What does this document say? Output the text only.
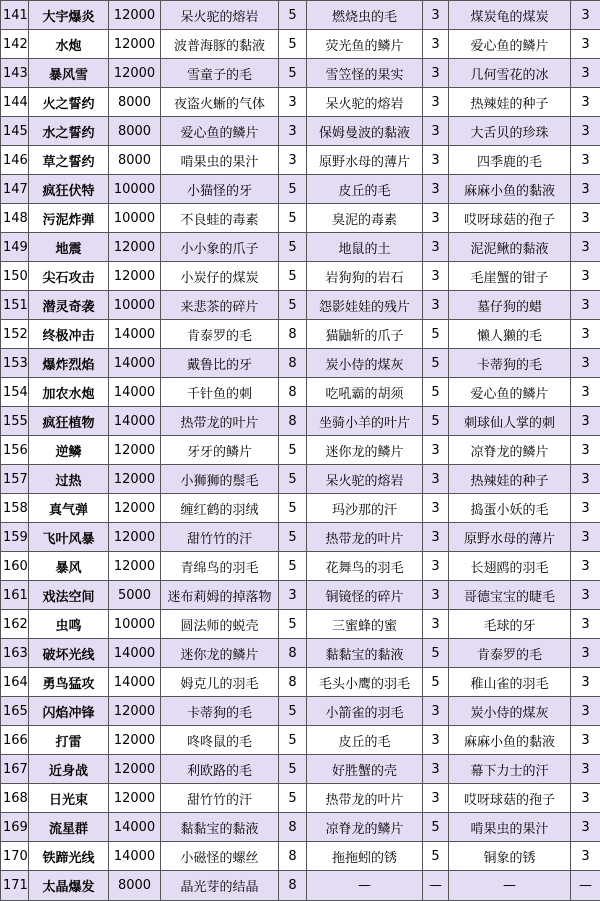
141	大宇爆炎	12000	呆火驼的熔岩	5	燃烧虫的毛	3	煤炭龟的煤炭	3
142	水炮	12000	波普海豚的黏液	5	荧光鱼的鳞片	3	爱心鱼的鳞片	3
143	暴风雪	12000	雪童子的毛	5	雪笠怪的果实	3	几何雪花的冰	3
144	火之誓约	8000	夜盗火蜥的气体	3	呆火驼的熔岩	3	热辣娃的种子	3
145	水之誓约	8000	爱心鱼的鳞片	3	保姆曼波的黏液	3	大舌贝的珍珠	3
146	草之誓约	8000	啃果虫的果汁	3	原野水母的薄片	3	四季鹿的毛	3
147	疯狂伏特	10000	小猫怪的牙	5	皮丘的毛	3	麻麻小鱼的黏液	3
148	污泥炸弹	10000	不良蛙的毒素	5	臭泥的毒素	3	哎呀球菇的孢子	3
149	地震	12000	小小象的爪子	5	地鼠的土	3	泥泥鳅的黏液	3
150	尖石攻击	12000	小炭仔的煤炭	5	岩狗狗的岩石	3	毛崖蟹的钳子	3
151	潜灵奇袭	10000	来悲茶的碎片	5	怨影娃娃的残片	3	墓仔狗的蜡	3
152	终极冲击	14000	肯泰罗的毛	8	猫鼬斩的爪子	5	懒人獭的毛	3
153	爆炸烈焰	14000	戴鲁比的牙	8	炭小侍的煤灰	5	卡蒂狗的毛	3
154	加农水炮	14000	千针鱼的刺	8	吃吼霸的胡须	5	爱心鱼的鳞片	3
155	疯狂植物	14000	热带龙的叶片	8	坐骑小羊的叶片	5	刺球仙人掌的刺	3
156	逆鳞	12000	牙牙的鳞片	5	迷你龙的鳞片	3	凉脊龙的鳞片	3
157	过热	12000	小狮狮的鬃毛	5	呆火驼的熔岩	3	热辣娃的种子	3
158	真气弹	12000	缠红鹤的羽绒	5	玛沙那的汗	3	捣蛋小妖的毛	3
159	飞叶风暴	12000	甜竹竹的汗	5	热带龙的叶片	3	原野水母的薄片	3
160	暴风	12000	青绵鸟的羽毛	5	花舞鸟的羽毛	3	长翅鸥的羽毛	3
161	戏法空间	5000	迷布莉姆的掉落物	3	铜镜怪的碎片	3	哥德宝宝的睫毛	3
162	虫鸣	10000	圆法师的蜕壳	5	三蜜蜂的蜜	3	毛球的牙	3
163	破坏光线	14000	迷你龙的鳞片	8	黏黏宝的黏液	5	肯泰罗的毛	3
164	勇鸟猛攻	14000	姆克儿的羽毛	8	毛头小鹰的羽毛	5	稚山雀的羽毛	3
165	闪焰冲锋	12000	卡蒂狗的毛	5	小箭雀的羽毛	3	炭小侍的煤灰	3
166	打雷	12000	咚咚鼠的毛	5	皮丘的毛	3	麻麻小鱼的黏液	3
167	近身战	12000	利欧路的毛	5	好胜蟹的壳	3	幕下力士的汗	3
168	日光束	12000	甜竹竹的汗	5	热带龙的叶片	3	哎呀球菇的孢子	3
169	流星群	14000	黏黏宝的黏液	8	凉脊龙的鳞片	5	啃果虫的果汁	3
170	铁蹄光线	14000	小磁怪的螺丝	8	拖拖蚓的锈	5	铜象的锈	3
171	太晶爆发	8000	晶光芽的结晶	8	—	—	—	—
